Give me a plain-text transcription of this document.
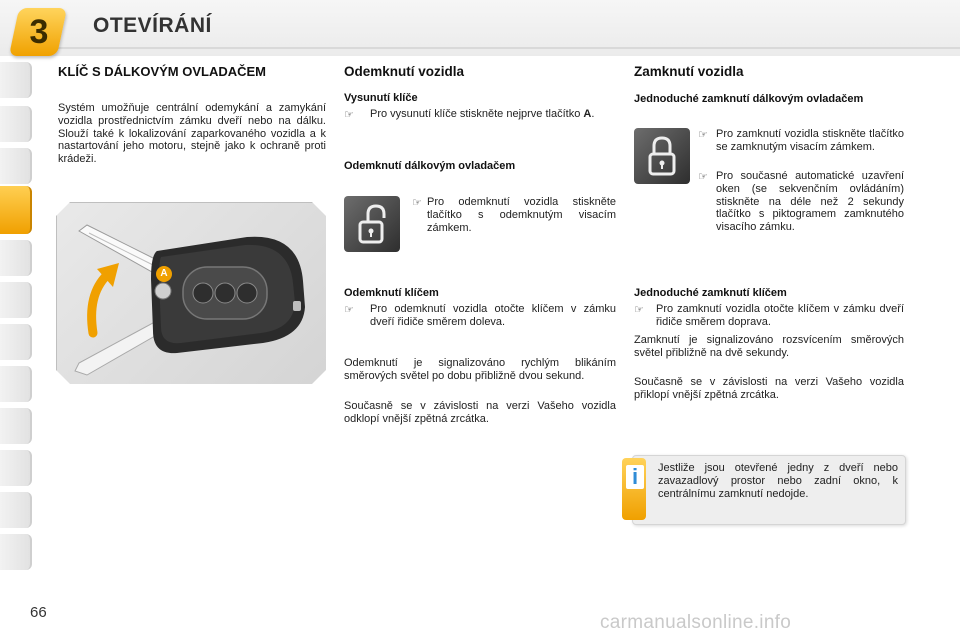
3	OTEVÍRÁNÍ
KLÍČ S DÁLKOVÝM OVLADAČEM
Systém umožňuje centrální odemykání a zamykání vozidla prostřednictvím zámku dveří nebo na dálku. Slouží také k lokalizování zaparkovaného vozidla a k nastartování jeho motoru, stejně jako k ochraně proti krádeži.
A
Odemknutí vozidla
Vysunutí klíče
☞ Pro vysunutí klíče stiskněte nejprve tlačítko A.
Odemknutí dálkovým ovladačem
☞ Pro odemknutí vozidla stiskněte tlačítko s odemknutým visacím zámkem.
Odemknutí klíčem
☞ Pro odemknutí vozidla otočte klíčem v zámku dveří řidiče směrem doleva.
Odemknutí je signalizováno rychlým blikáním směrových světel po dobu přibližně dvou sekund.
Současně se v závislosti na verzi Vašeho vozidla odklopí vnější zpětná zrcátka.
Zamknutí vozidla
Jednoduché zamknutí dálkovým ovladačem
☞ Pro zamknutí vozidla stiskněte tlačítko se zamknutým visacím zámkem.
☞ Pro současné automatické uzavření oken (se sekvenčním ovládáním) stiskněte na déle než 2 sekundy tlačítko s piktogramem zamknutého visacího zámku.
Jednoduché zamknutí klíčem
☞ Pro zamknutí vozidla otočte klíčem v zámku dveří řidiče směrem doprava.
Zamknutí je signalizováno rozsvícením směrových světel přibližně na dvě sekundy.
Současně se v závislosti na verzi Vašeho vozidla přiklopí vnější zpětná zrcátka.
i	Jestliže jsou otevřené jedny z dveří nebo zavazadlový prostor nebo zadní okno, k centrálnímu zamknutí nedojde.
66	carmanualsonline.info
